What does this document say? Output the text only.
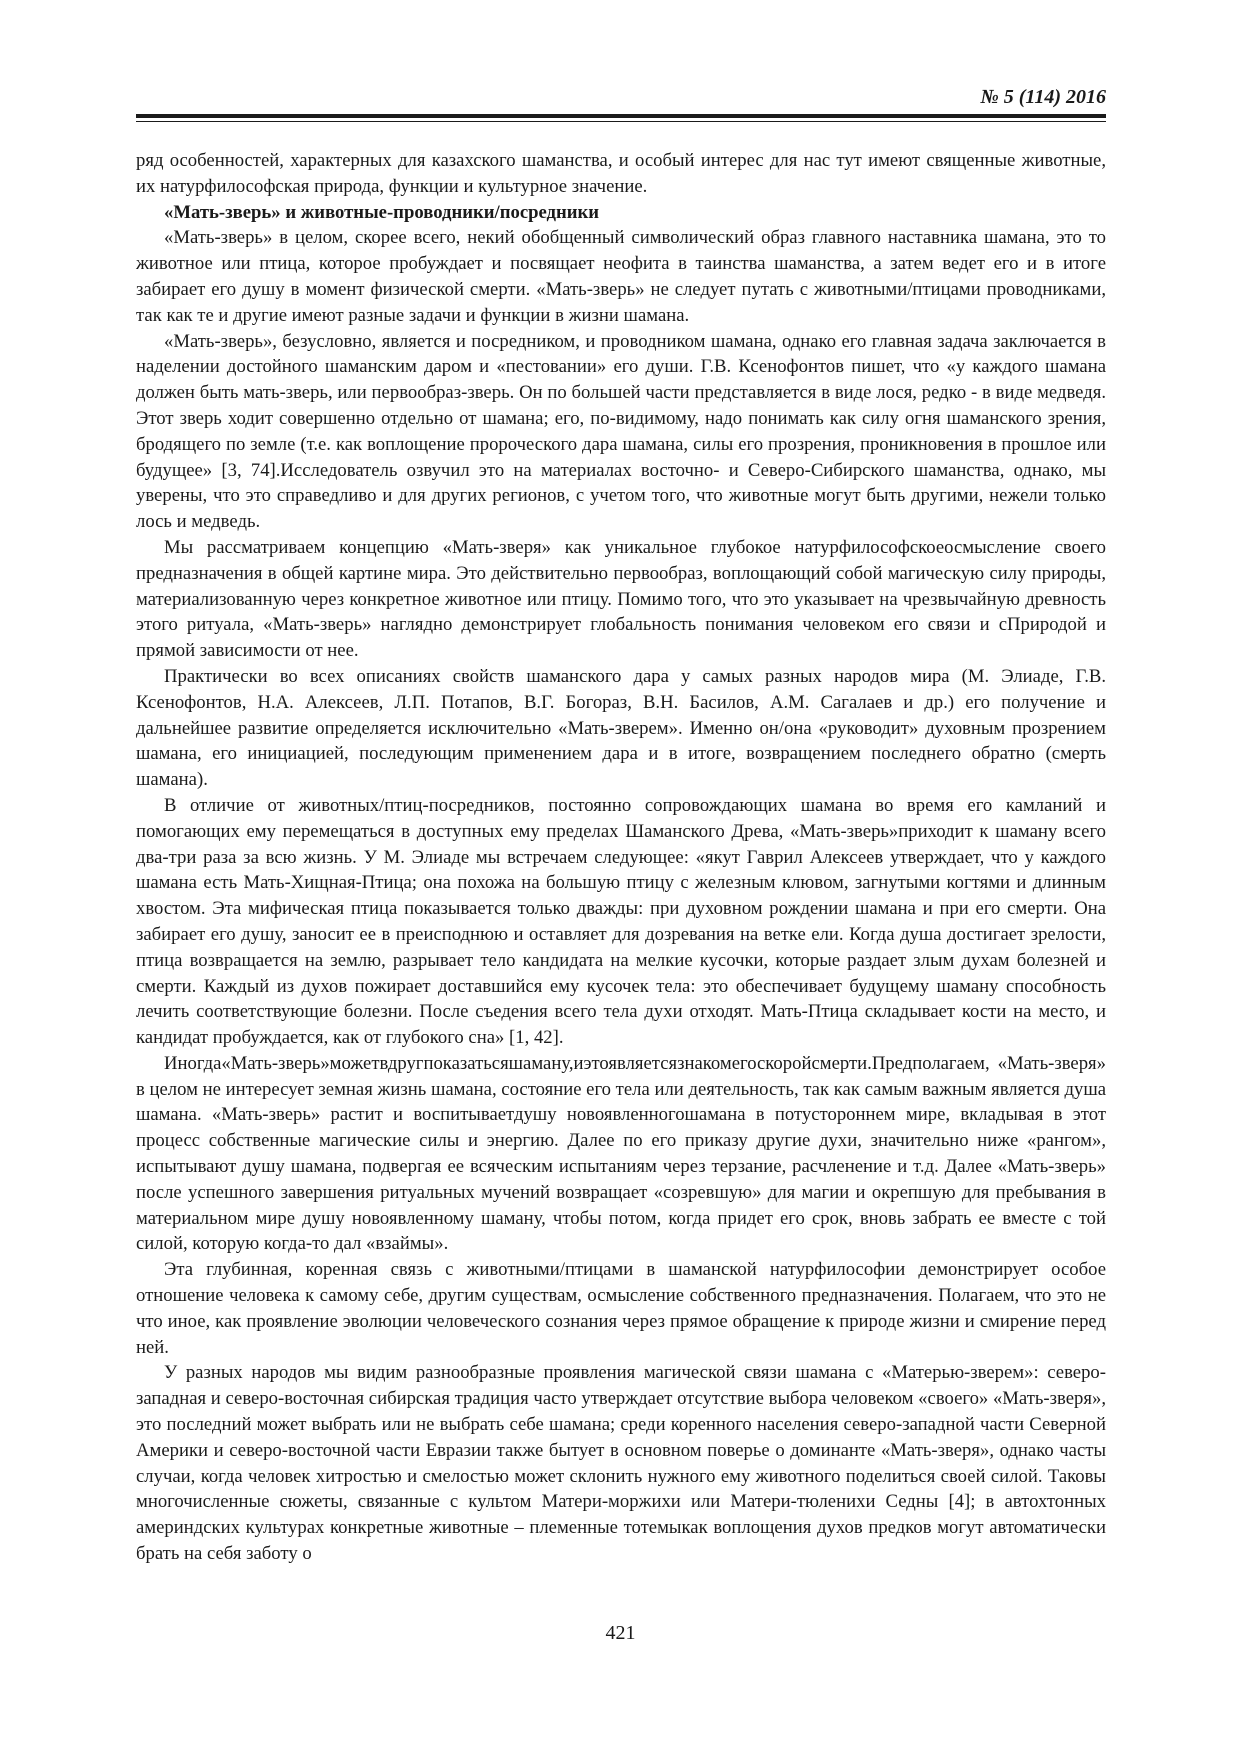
№ 5 (114) 2016

ряд особенностей, характерных для казахского шаманства, и особый интерес для нас тут имеют священные животные, их натурфилософская природа, функции и культурное значение.

«Мать-зверь» и животные-проводники/посредники

«Мать-зверь» в целом, скорее всего, некий обобщенный символический образ главного наставника шамана, это то животное или птица, которое пробуждает и посвящает неофита в таинства шаманства, а затем ведет его и в итоге забирает его душу в момент физической смерти. «Мать-зверь» не следует путать с животными/птицами проводниками, так как те и другие имеют разные задачи и функции в жизни шамана.

«Мать-зверь», безусловно, является и посредником, и проводником шамана, однако его главная задача заключается в наделении достойного шаманским даром и «пестовании» его души. Г.В. Ксенофонтов пишет, что «у каждого шамана должен быть мать-зверь, или первообраз-зверь. Он по большей части представляется в виде лося, редко - в виде медведя. Этот зверь ходит совершенно отдельно от шамана; его, по-видимому, надо понимать как силу огня шаманского зрения, бродящего по земле (т.е. как воплощение пророческого дара шамана, силы его прозрения, проникновения в прошлое или будущее» [3, 74].Исследователь озвучил это на материалах восточно- и Северо-Сибирского шаманства, однако, мы уверены, что это справедливо и для других регионов, с учетом того, что животные могут быть другими, нежели только лось и медведь.

Мы рассматриваем концепцию «Мать-зверя» как уникальное глубокое натурфилософскоеосмысление своего предназначения в общей картине мира. Это действительно первообраз, воплощающий собой магическую силу природы, материализованную через конкретное животное или птицу. Помимо того, что это указывает на чрезвычайную древность этого ритуала, «Мать-зверь» наглядно демонстрирует глобальность понимания человеком его связи и сПриродой и прямой зависимости от нее.

Практически во всех описаниях свойств шаманского дара у самых разных народов мира (М. Элиаде, Г.В. Ксенофонтов, Н.А. Алексеев, Л.П. Потапов, В.Г. Богораз, В.Н. Басилов, А.М. Сагалаев и др.) его получение и дальнейшее развитие определяется исключительно «Мать-зверем». Именно он/она «руководит» духовным прозрением шамана, его инициацией, последующим применением дара и в итоге, возвращением последнего обратно (смерть шамана).

В отличие от животных/птиц-посредников, постоянно сопровождающих шамана во время его камланий и помогающих ему перемещаться в доступных ему пределах Шаманского Древа, «Мать-зверь»приходит к шаману всего два-три раза за всю жизнь. У М. Элиаде мы встречаем следующее: «якут Гаврил Алексеев утверждает, что у каждого шамана есть Мать-Хищная-Птица; она похожа на большую птицу с железным клювом, загнутыми когтями и длинным хвостом. Эта мифическая птица показывается только дважды: при духовном рождении шамана и при его смерти. Она забирает его душу, заносит ее в преисподнюю и оставляет для дозревания на ветке ели. Когда душа достигает зрелости, птица возвращается на землю, разрывает тело кандидата на мелкие кусочки, которые раздает злым духам болезней и смерти. Каждый из духов пожирает доставшийся ему кусочек тела: это обеспечивает будущему шаману способность лечить соответствующие болезни. После съедения всего тела духи отходят. Мать-Птица складывает кости на место, и кандидат пробуждается, как от глубокого сна» [1, 42].

Иногда«Мать-зверь»можетвдругпоказатьсяшаману,иэтоявляетсязнакомегоскоройсмерти.Предполагаем, «Мать-зверя» в целом не интересует земная жизнь шамана, состояние его тела или деятельность, так как самым важным является душа шамана. «Мать-зверь» растит и воспитываетдушу новоявленногошамана в потустороннем мире, вкладывая в этот процесс собственные магические силы и энергию. Далее по его приказу другие духи, значительно ниже «рангом», испытывают душу шамана, подвергая ее всяческим испытаниям через терзание, расчленение и т.д. Далее «Мать-зверь» после успешного завершения ритуальных мучений возвращает «созревшую» для магии и окрепшую для пребывания в материальном мире душу новоявленному шаману, чтобы потом, когда придет его срок, вновь забрать ее вместе с той силой, которую когда-то дал «взаймы».

Эта глубинная, коренная связь с животными/птицами в шаманской натурфилософии демонстрирует особое отношение человека к самому себе, другим существам, осмысление собственного предназначения. Полагаем, что это не что иное, как проявление эволюции человеческого сознания через прямое обращение к природе жизни и смирение перед ней.

У разных народов мы видим разнообразные проявления магической связи шамана с «Матерью-зверем»: северо-западная и северо-восточная сибирская традиция часто утверждает отсутствие выбора человеком «своего» «Мать-зверя», это последний может выбрать или не выбрать себе шамана; среди коренного населения северо-западной части Северной Америки и северо-восточной части Евразии также бытует в основном поверье о доминанте «Мать-зверя», однако часты случаи, когда человек хитростью и смелостью может склонить нужного ему животного поделиться своей силой. Таковы многочисленные сюжеты, связанные с культом Матери-моржихи или Матери-тюленихи Седны [4]; в автохтонных америндских культурах конкретные животные – племенные тотемыкак воплощения духов предков могут автоматически брать на себя заботу о

421
